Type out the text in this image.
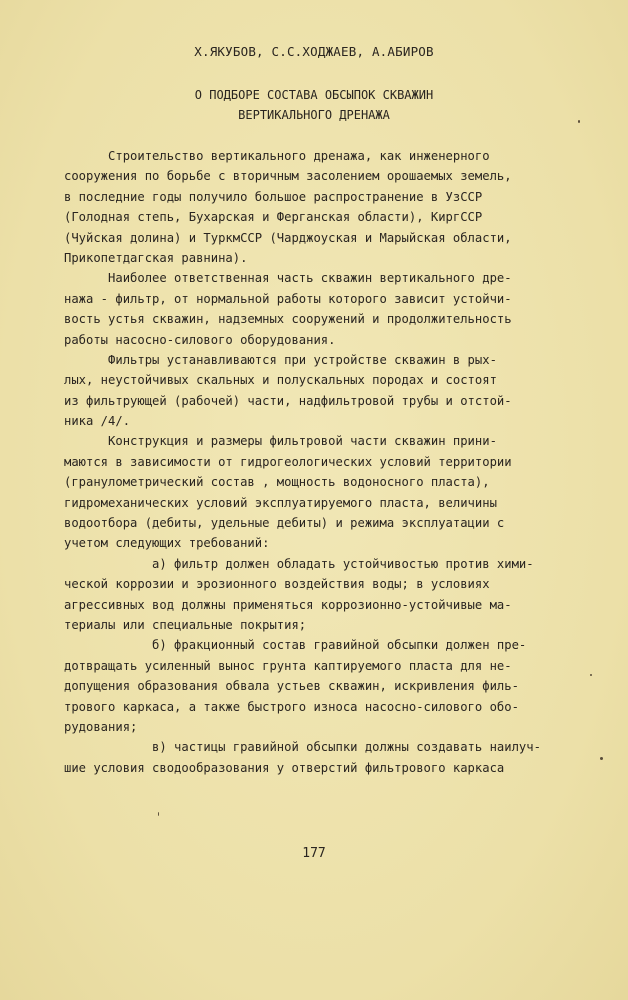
Х.ЯКУБОВ, С.С.ХОДЖАЕВ, А.АБИРОВ
О ПОДБОРЕ СОСТАВА ОБСЫПОК СКВАЖИН
ВЕРТИКАЛЬНОГО ДРЕНАЖА
Строительство вертикального дренажа, как инженерного
сооружения по борьбе с вторичным засолением орошаемых земель,
в последние годы получило большое распространение в УзССР
(Голодная степь, Бухарская и Ферганская области), КиргССР
(Чуйская долина) и ТуркмССР (Чарджоуская и Марыйская области,
Прикопетдагская равнина).
Наиболее ответственная часть скважин вертикального дре-
нажа - фильтр, от нормальной работы которого зависит устойчи-
вость устья скважин, надземных сооружений и продолжительность
работы насосно-силового оборудования.
Фильтры устанавливаются при устройстве скважин в рых-
лых, неустойчивых скальных и полускальных породах и состоят
из фильтрующей (рабочей) части, надфильтровой трубы и отстой-
ника /4/.
Конструкция и размеры фильтровой части скважин прини-
маются в зависимости от гидрогеологических условий территории
(гранулометрический состав , мощность водоносного пласта),
гидромеханических условий эксплуатируемого пласта, величины
водоотбора (дебиты, удельные дебиты) и режима эксплуатации с
учетом следующих требований:
а) фильтр должен обладать устойчивостью против хими-
ческой коррозии и эрозионного воздействия воды; в условиях
агрессивных вод должны применяться коррозионно-устойчивые ма-
териалы или специальные покрытия;
б) фракционный состав гравийной обсыпки должен пре-
дотвращать усиленный вынос грунта каптируемого пласта для не-
допущения образования обвала устьев скважин, искривления филь-
трового каркаса, а также быстрого износа насосно-силового обо-
рудования;
в) частицы гравийной обсыпки должны создавать наилуч-
шие условия сводообразования у отверстий фильтрового каркаса
177
